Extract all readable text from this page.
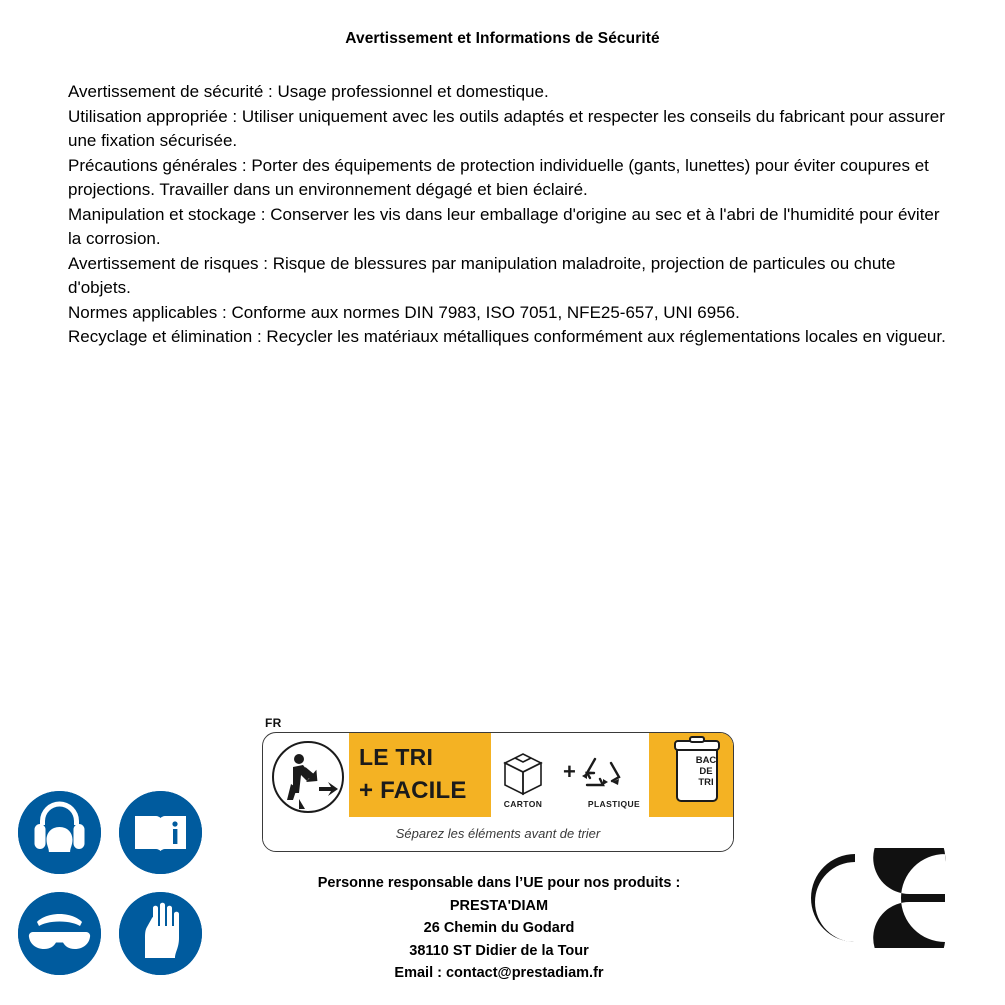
Avertissement et Informations de Sécurité

Avertissement de sécurité : Usage professionnel et domestique.

Utilisation appropriée : Utiliser uniquement avec les outils adaptés et respecter les conseils du fabricant pour assurer une fixation sécurisée.

Précautions générales : Porter des équipements de protection individuelle (gants, lunettes) pour éviter coupures et projections. Travailler dans un environnement dégagé et bien éclairé.

Manipulation et stockage : Conserver les vis dans leur emballage d'origine au sec et à l'abri de l'humidité pour éviter la corrosion.

Avertissement de risques : Risque de blessures par manipulation maladroite, projection de particules ou chute d'objets.

Normes applicables : Conforme aux normes DIN 7983, ISO 7051, NFE25-657, UNI 6956.

Recyclage et élimination : Recycler les matériaux métalliques conformément aux réglementations locales en vigueur.

FR
LE TRI
+ FACILE	CARTON
+
PLASTIQUE
BAC
DE
TRI
Séparez les éléments avant de trier
Personne responsable dans l’UE pour nos produits :
PRESTA'DIAM
26 Chemin du Godard
38110 ST Didier de la Tour
Email : contact@prestadiam.fr
